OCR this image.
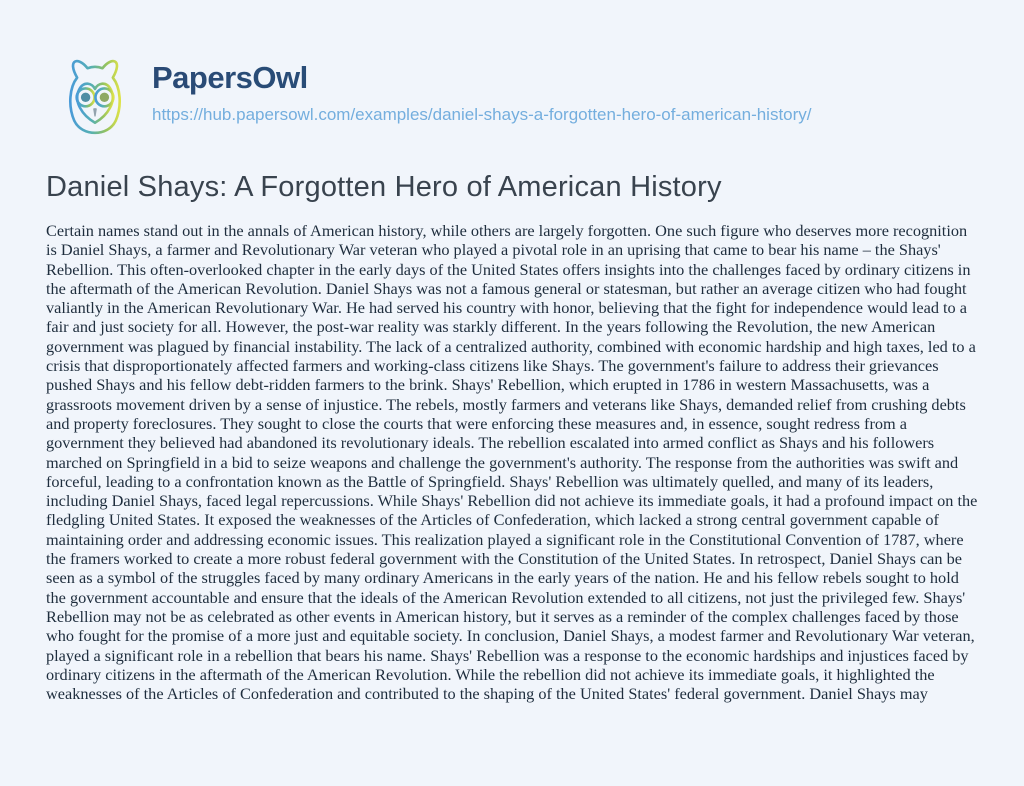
PapersOwl
https://hub.papersowl.com/examples/daniel-shays-a-forgotten-hero-of-american-history/
Daniel Shays: A Forgotten Hero of American History

Certain names stand out in the annals of American history, while others are largely forgotten. One such figure who deserves more recognition is Daniel Shays, a farmer and Revolutionary War veteran who played a pivotal role in an uprising that came to bear his name – the Shays' Rebellion. This often-overlooked chapter in the early days of the United States offers insights into the challenges faced by ordinary citizens in the aftermath of the American Revolution. Daniel Shays was not a famous general or statesman, but rather an average citizen who had fought valiantly in the American Revolutionary War. He had served his country with honor, believing that the fight for independence would lead to a fair and just society for all. However, the post-war reality was starkly different. In the years following the Revolution, the new American government was plagued by financial instability. The lack of a centralized authority, combined with economic hardship and high taxes, led to a crisis that disproportionately affected farmers and working-class citizens like Shays. The government's failure to address their grievances pushed Shays and his fellow debt-ridden farmers to the brink. Shays' Rebellion, which erupted in 1786 in western Massachusetts, was a grassroots movement driven by a sense of injustice. The rebels, mostly farmers and veterans like Shays, demanded relief from crushing debts and property foreclosures. They sought to close the courts that were enforcing these measures and, in essence, sought redress from a government they believed had abandoned its revolutionary ideals. The rebellion escalated into armed conflict as Shays and his followers marched on Springfield in a bid to seize weapons and challenge the government's authority. The response from the authorities was swift and forceful, leading to a confrontation known as the Battle of Springfield. Shays' Rebellion was ultimately quelled, and many of its leaders, including Daniel Shays, faced legal repercussions. While Shays' Rebellion did not achieve its immediate goals, it had a profound impact on the fledgling United States. It exposed the weaknesses of the Articles of Confederation, which lacked a strong central government capable of maintaining order and addressing economic issues. This realization played a significant role in the Constitutional Convention of 1787, where the framers worked to create a more robust federal government with the Constitution of the United States. In retrospect, Daniel Shays can be seen as a symbol of the struggles faced by many ordinary Americans in the early years of the nation. He and his fellow rebels sought to hold the government accountable and ensure that the ideals of the American Revolution extended to all citizens, not just the privileged few. Shays' Rebellion may not be as celebrated as other events in American history, but it serves as a reminder of the complex challenges faced by those who fought for the promise of a more just and equitable society. In conclusion, Daniel Shays, a modest farmer and Revolutionary War veteran, played a significant role in a rebellion that bears his name. Shays' Rebellion was a response to the economic hardships and injustices faced by ordinary citizens in the aftermath of the American Revolution. While the rebellion did not achieve its immediate goals, it highlighted the weaknesses of the Articles of Confederation and contributed to the shaping of the United States' federal government. Daniel Shays may
